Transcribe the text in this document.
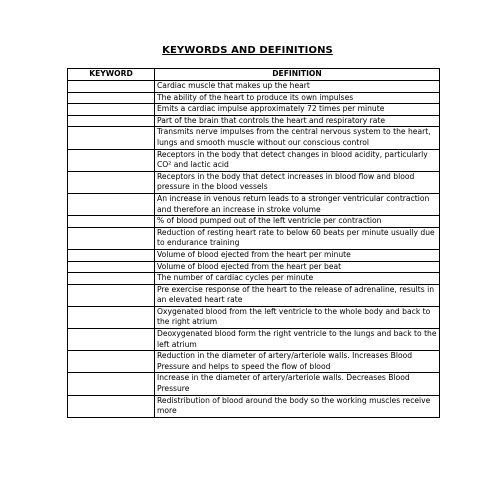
KEYWORDS AND DEFINITIONS
KEYWORD	DEFINITION
	Cardiac muscle that makes up the heart
	The ability of the heart to produce its own impulses
	Emits a cardiac impulse approximately 72 times per minute
	Part of the brain that controls the heart and respiratory rate
	Transmits nerve impulses from the central nervous system to the heart, lungs and smooth muscle without our conscious control
	Receptors in the body that detect changes in blood acidity, particularly CO² and lactic acid
	Receptors in the body that detect increases in blood flow and blood pressure in the blood vessels
	An increase in venous return leads to a stronger ventricular contraction and therefore an increase in stroke volume
	% of blood pumped out of the left ventricle per contraction
	Reduction of resting heart rate to below 60 beats per minute usually due to endurance training
	Volume of blood ejected from the heart per minute
	Volume of blood ejected from the heart per beat
	The number of cardiac cycles per minute
	Pre exercise response of the heart to the release of adrenaline, results in an elevated heart rate
	Oxygenated blood from the left ventricle to the whole body and back to the right atrium
	Deoxygenated blood form the right ventricle to the lungs and back to the left atrium
	Reduction in the diameter of artery/arteriole walls. Increases Blood Pressure and helps to speed the flow of blood
	Increase in the diameter of artery/arteriole walls. Decreases Blood Pressure
	Redistribution of blood around the body so the working muscles receive more
